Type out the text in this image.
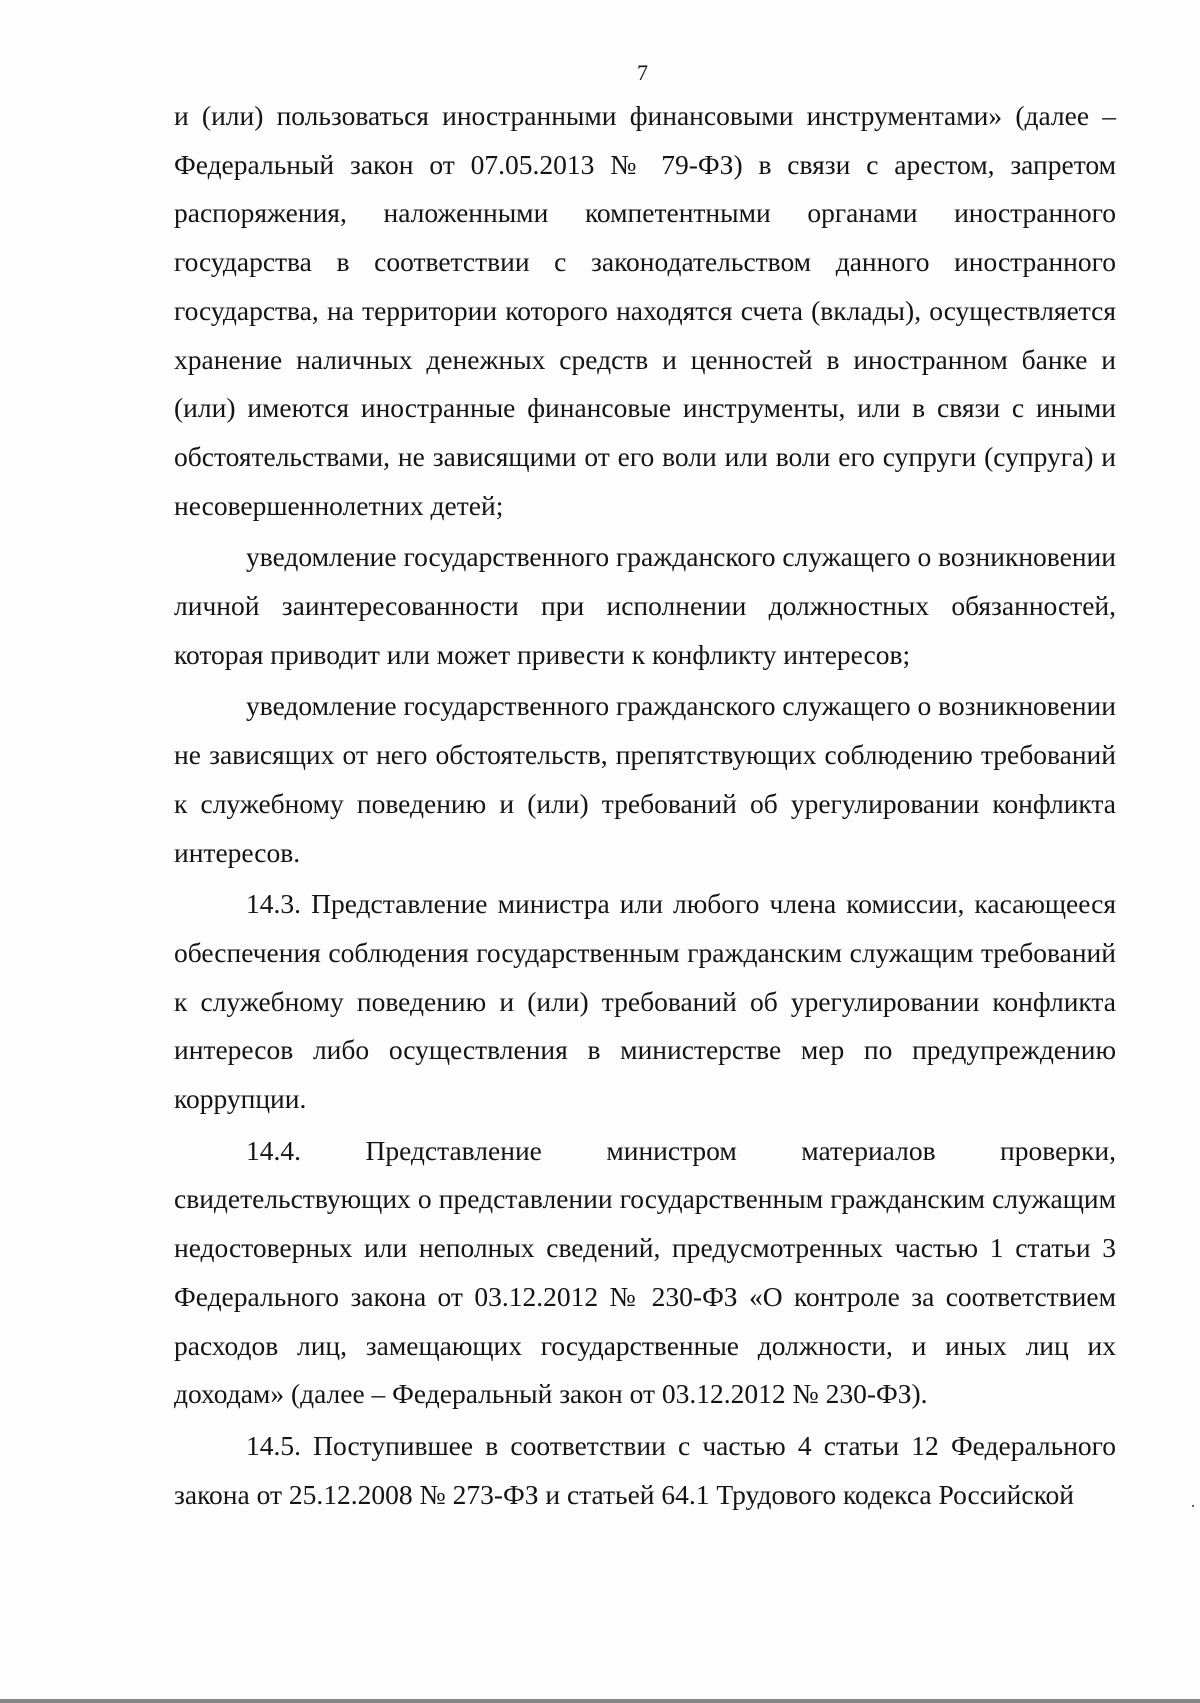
7

и (или) пользоваться иностранными финансовыми инструментами» (далее – Федеральный закон от 07.05.2013 № 79-ФЗ) в связи с арестом, запретом распоряжения, наложенными компетентными органами иностранного государства в соответствии с законодательством данного иностранного государства, на территории которого находятся счета (вклады), осуществляется хранение наличных денежных средств и ценностей в иностранном банке и (или) имеются иностранные финансовые инструменты, или в связи с иными обстоятельствами, не зависящими от его воли или воли его супруги (супруга) и несовершеннолетних детей;

уведомление государственного гражданского служащего о возникновении личной заинтересованности при исполнении должностных обязанностей, которая приводит или может привести к конфликту интересов;

уведомление государственного гражданского служащего о возникновении не зависящих от него обстоятельств, препятствующих соблюдению требований к служебному поведению и (или) требований об урегулировании конфликта интересов.

14.3. Представление министра или любого члена комиссии, касающееся обеспечения соблюдения государственным гражданским служащим требований к служебному поведению и (или) требований об урегулировании конфликта интересов либо осуществления в министерстве мер по предупреждению коррупции.

14.4. Представление министром материалов проверки, свидетельствующих о представлении государственным гражданским служащим недостоверных или неполных сведений, предусмотренных частью 1 статьи 3 Федерального закона от 03.12.2012 № 230-ФЗ «О контроле за соответствием расходов лиц, замещающих государственные должности, и иных лиц их доходам» (далее – Федеральный закон от 03.12.2012 № 230-ФЗ).

14.5. Поступившее в соответствии с частью 4 статьи 12 Федерального закона от 25.12.2008 № 273-ФЗ и статьей 64.1 Трудового кодекса Российской
